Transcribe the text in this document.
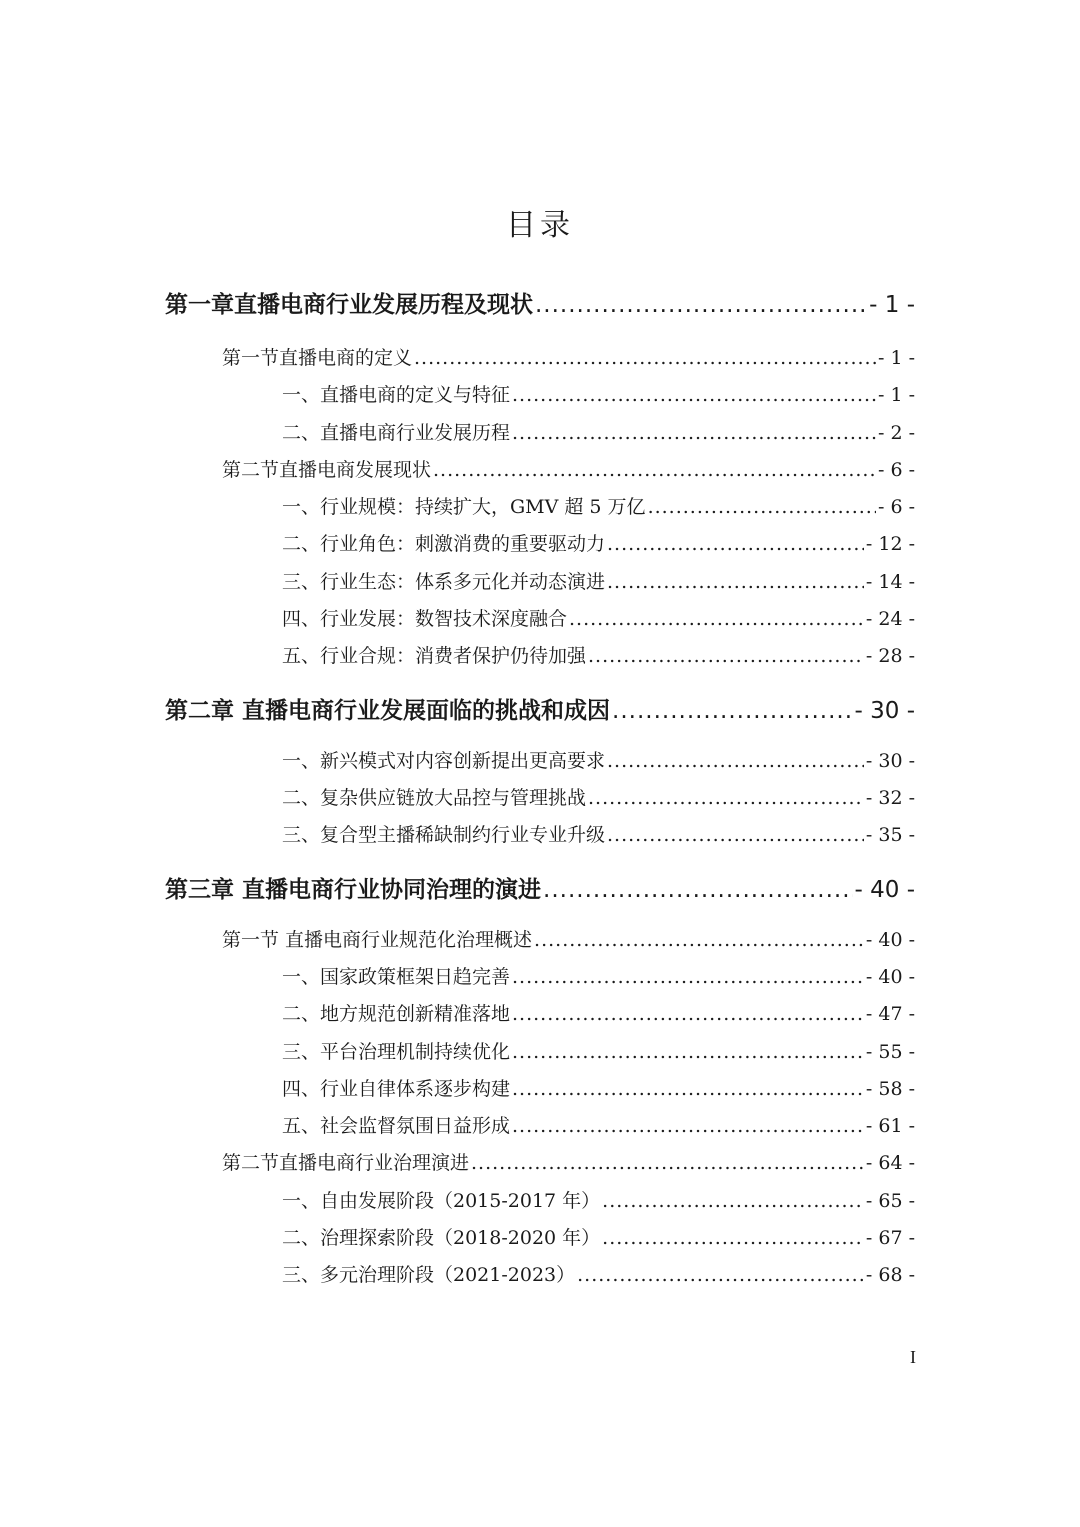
目录
第一章直播电商行业发展历程及现状 .....	- 1 -
第一节直播电商的定义 .....	- 1 -
一、直播电商的定义与特征 .....	- 1 -
二、直播电商行业发展历程 .....	- 2 -
第二节直播电商发展现状 .....	- 6 -
一、行业规模：持续扩大，GMV 超 5 万亿 .....	- 6 -
二、行业角色：刺激消费的重要驱动力 .....	- 12 -
三、行业生态：体系多元化并动态演进 .....	- 14 -
四、行业发展：数智技术深度融合 .....	- 24 -
五、行业合规：消费者保护仍待加强 .....	- 28 -
第二章 直播电商行业发展面临的挑战和成因 .....	- 30 -
一、新兴模式对内容创新提出更高要求 .....	- 30 -
二、复杂供应链放大品控与管理挑战 .....	- 32 -
三、复合型主播稀缺制约行业专业升级 .....	- 35 -
第三章 直播电商行业协同治理的演进 .....	- 40 -
第一节 直播电商行业规范化治理概述 .....	- 40 -
一、国家政策框架日趋完善 .....	- 40 -
二、地方规范创新精准落地 .....	- 47 -
三、平台治理机制持续优化 .....	- 55 -
四、行业自律体系逐步构建 .....	- 58 -
五、社会监督氛围日益形成 .....	- 61 -
第二节直播电商行业治理演进 .....	- 64 -
一、自由发展阶段（2015-2017 年） .....	- 65 -
二、治理探索阶段（2018-2020 年） .....	- 67 -
三、多元治理阶段（2021-2023） .....	- 68 -
I
